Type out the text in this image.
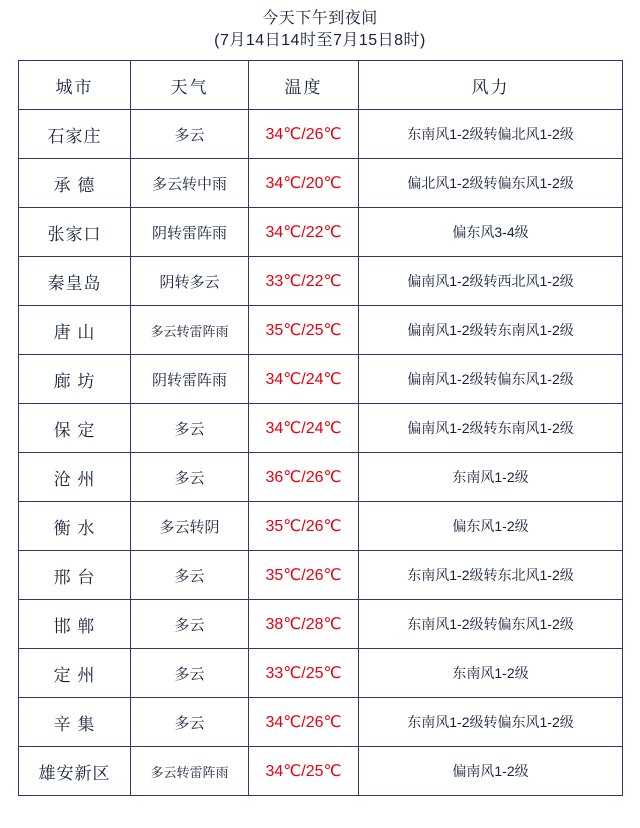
今天下午到夜间
(7月14日14时至7月15日8时)
城市	天气	温度	风力
石家庄	多云	34℃/26℃	东南风1-2级转偏北风1-2级
承 德	多云转中雨	34℃/20℃	偏北风1-2级转偏东风1-2级
张家口	阴转雷阵雨	34℃/22℃	偏东风3-4级
秦皇岛	阴转多云	33℃/22℃	偏南风1-2级转西北风1-2级
唐 山	多云转雷阵雨	35℃/25℃	偏南风1-2级转东南风1-2级
廊 坊	阴转雷阵雨	34℃/24℃	偏南风1-2级转偏东风1-2级
保 定	多云	34℃/24℃	偏南风1-2级转东南风1-2级
沧 州	多云	36℃/26℃	东南风1-2级
衡 水	多云转阴	35℃/26℃	偏东风1-2级
邢 台	多云	35℃/26℃	东南风1-2级转东北风1-2级
邯 郸	多云	38℃/28℃	东南风1-2级转偏东风1-2级
定 州	多云	33℃/25℃	东南风1-2级
辛 集	多云	34℃/26℃	东南风1-2级转偏东风1-2级
雄安新区	多云转雷阵雨	34℃/25℃	偏南风1-2级
